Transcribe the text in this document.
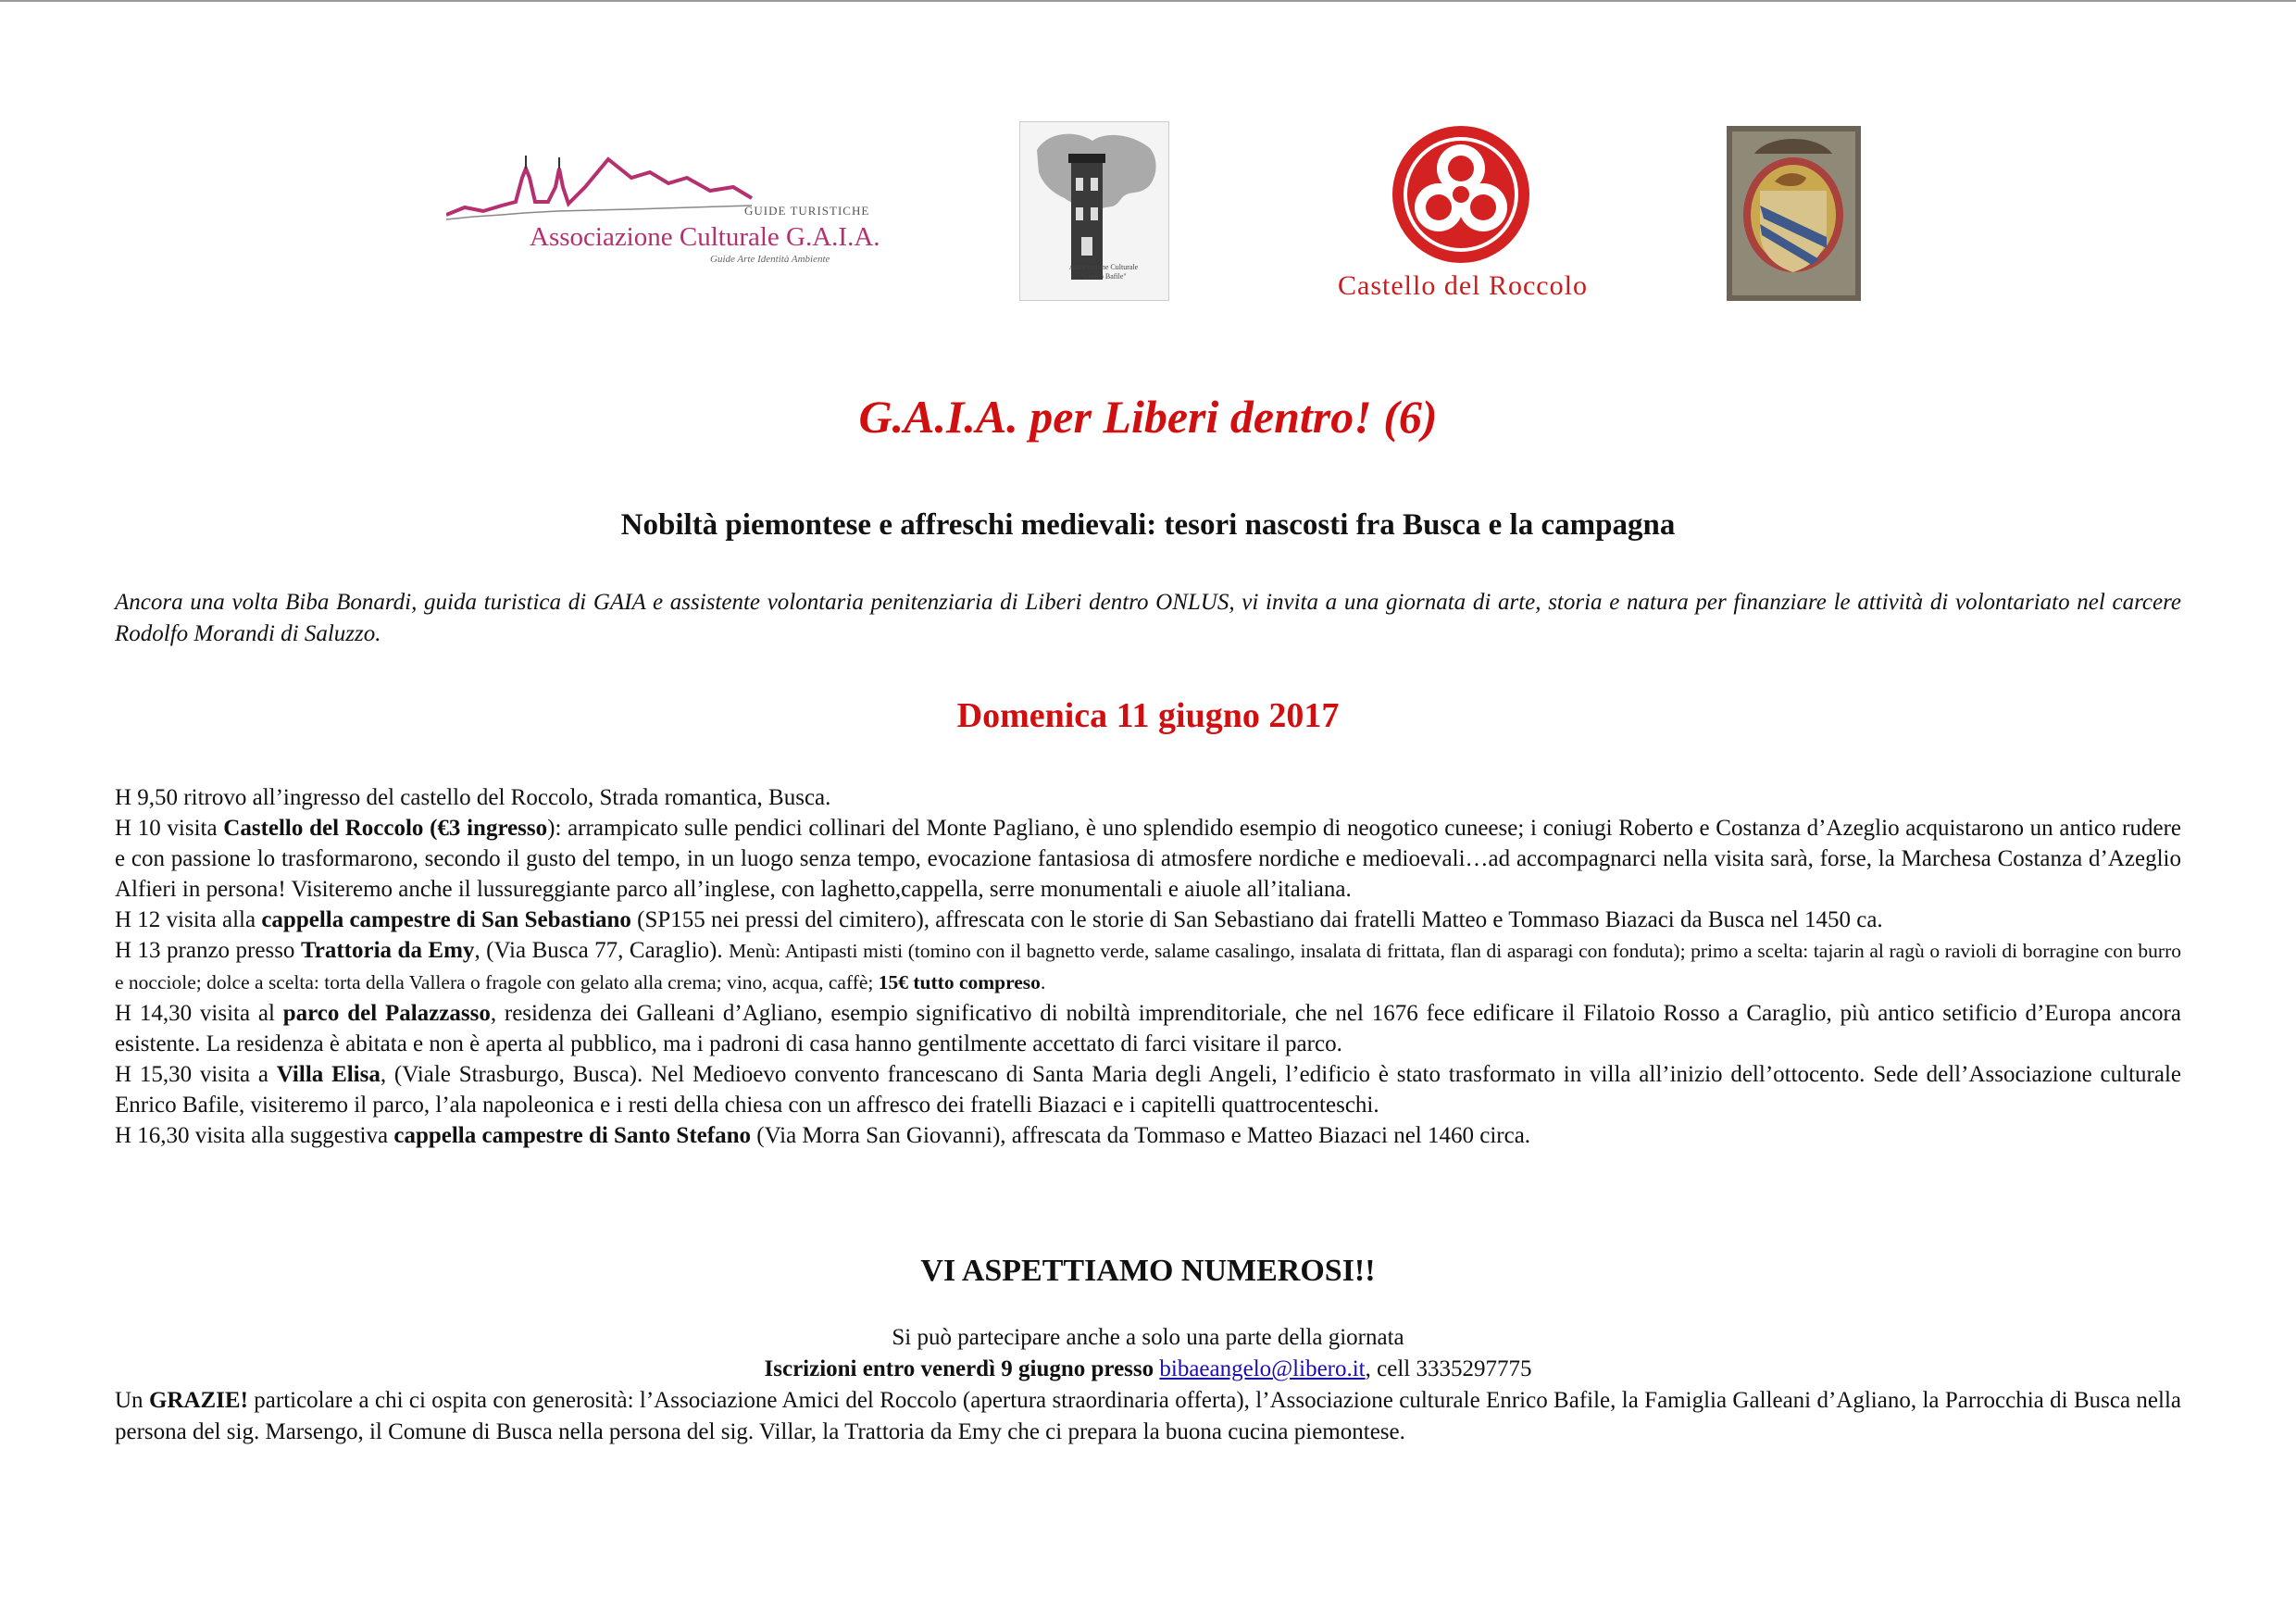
GUIDE TURISTICHE
Associazione Culturale G.A.I.A.
Guide Arte Identità Ambiente
Associazione Culturale
"Enrico Bafile"	Castello del Roccolo
G.A.I.A. per Liberi dentro! (6)
Nobiltà piemontese e affreschi medievali: tesori nascosti fra Busca e la campagna
Ancora una volta Biba Bonardi, guida turistica di GAIA e assistente volontaria penitenziaria di Liberi dentro ONLUS, vi invita a una giornata di arte, storia e natura per finanziare le attività di volontariato nel carcere Rodolfo Morandi di Saluzzo.
Domenica 11 giugno 2017

H 9,50 ritrovo all’ingresso del castello del Roccolo, Strada romantica, Busca.

H 10 visita Castello del Roccolo (€3 ingresso): arrampicato sulle pendici collinari del Monte Pagliano, è uno splendido esempio di neogotico cuneese; i coniugi Roberto e Costanza d’Azeglio acquistarono un antico rudere e con passione lo trasformarono, secondo il gusto del tempo, in un luogo senza tempo, evocazione fantasiosa di atmosfere nordiche e medioevali…ad accompagnarci nella visita sarà, forse, la Marchesa Costanza d’Azeglio Alfieri in persona! Visiteremo anche il lussureggiante parco all’inglese, con laghetto,cappella, serre monumentali e aiuole all’italiana.

H 12 visita alla cappella campestre di San Sebastiano (SP155 nei pressi del cimitero), affrescata con le storie di San Sebastiano dai fratelli Matteo e Tommaso Biazaci da Busca nel 1450 ca.

H 13 pranzo presso Trattoria da Emy, (Via Busca 77, Caraglio). Menù: Antipasti misti (tomino con il bagnetto verde, salame casalingo, insalata di frittata, flan di asparagi con fonduta); primo a scelta: tajarin al ragù o ravioli di borragine con burro e nocciole; dolce a scelta: torta della Vallera o fragole con gelato alla crema; vino, acqua, caffè; 15€ tutto compreso.

H 14,30 visita al parco del Palazzasso, residenza dei Galleani d’Agliano, esempio significativo di nobiltà imprenditoriale, che nel 1676 fece edificare il Filatoio Rosso a Caraglio, più antico setificio d’Europa ancora esistente. La residenza è abitata e non è aperta al pubblico, ma i padroni di casa hanno gentilmente accettato di farci visitare il parco.

H 15,30 visita a Villa Elisa, (Viale Strasburgo, Busca). Nel Medioevo convento francescano di Santa Maria degli Angeli, l’edificio è stato trasformato in villa all’inizio dell’ottocento. Sede dell’Associazione culturale Enrico Bafile, visiteremo il parco, l’ala napoleonica e i resti della chiesa con un affresco dei fratelli Biazaci e i capitelli quattrocenteschi.

H 16,30 visita alla suggestiva cappella campestre di Santo Stefano (Via Morra San Giovanni), affrescata da Tommaso e Matteo Biazaci nel 1460 circa.

VI ASPETTIAMO NUMEROSI!!
Si può partecipare anche a solo una parte della giornata
Iscrizioni entro venerdì 9 giugno presso bibaeangelo@libero.it, cell 3335297775
Un GRAZIE! particolare a chi ci ospita con generosità: l’Associazione Amici del Roccolo (apertura straordinaria offerta), l’Associazione culturale Enrico Bafile, la Famiglia Galleani d’Agliano, la Parrocchia di Busca nella persona del sig. Marsengo, il Comune di Busca nella persona del sig. Villar, la Trattoria da Emy che ci prepara la buona cucina piemontese.
